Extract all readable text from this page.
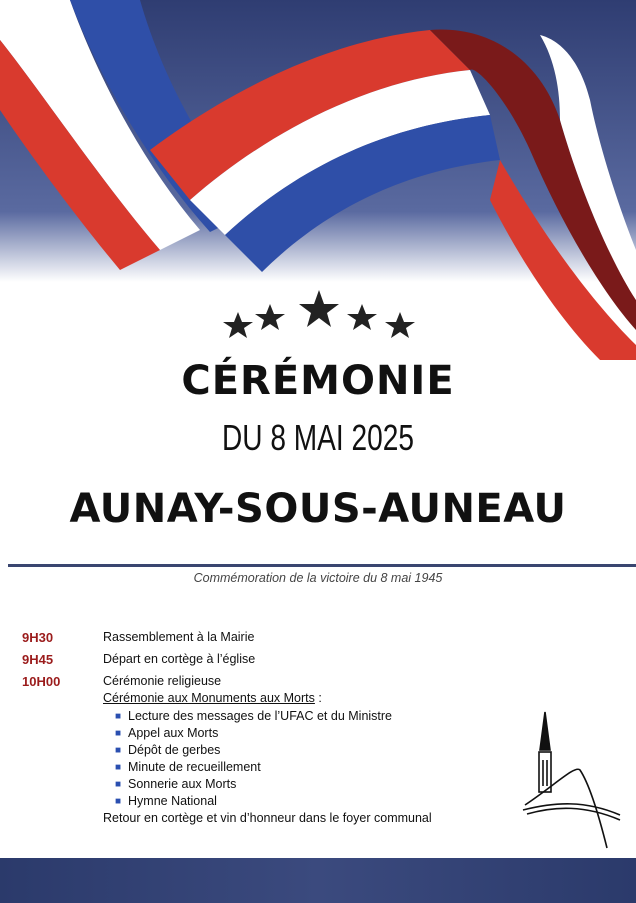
CÉRÉMONIE
DU 8 MAI 2025
AUNAY-SOUS-AUNEAU
Commémoration de la victoire du 8 mai 1945
9H30	Rassemblement à la Mairie
9H45	Départ en cortège à l’église
10H00	Cérémonie religieuse
Cérémonie aux Monuments aux Morts :
■ Lecture des messages de l’UFAC et du Ministre
■ Appel aux Morts
■ Dépôt de gerbes
■ Minute de recueillement
■ Sonnerie aux Morts
■ Hymne National
Retour en cortège et vin d’honneur dans le foyer communal
